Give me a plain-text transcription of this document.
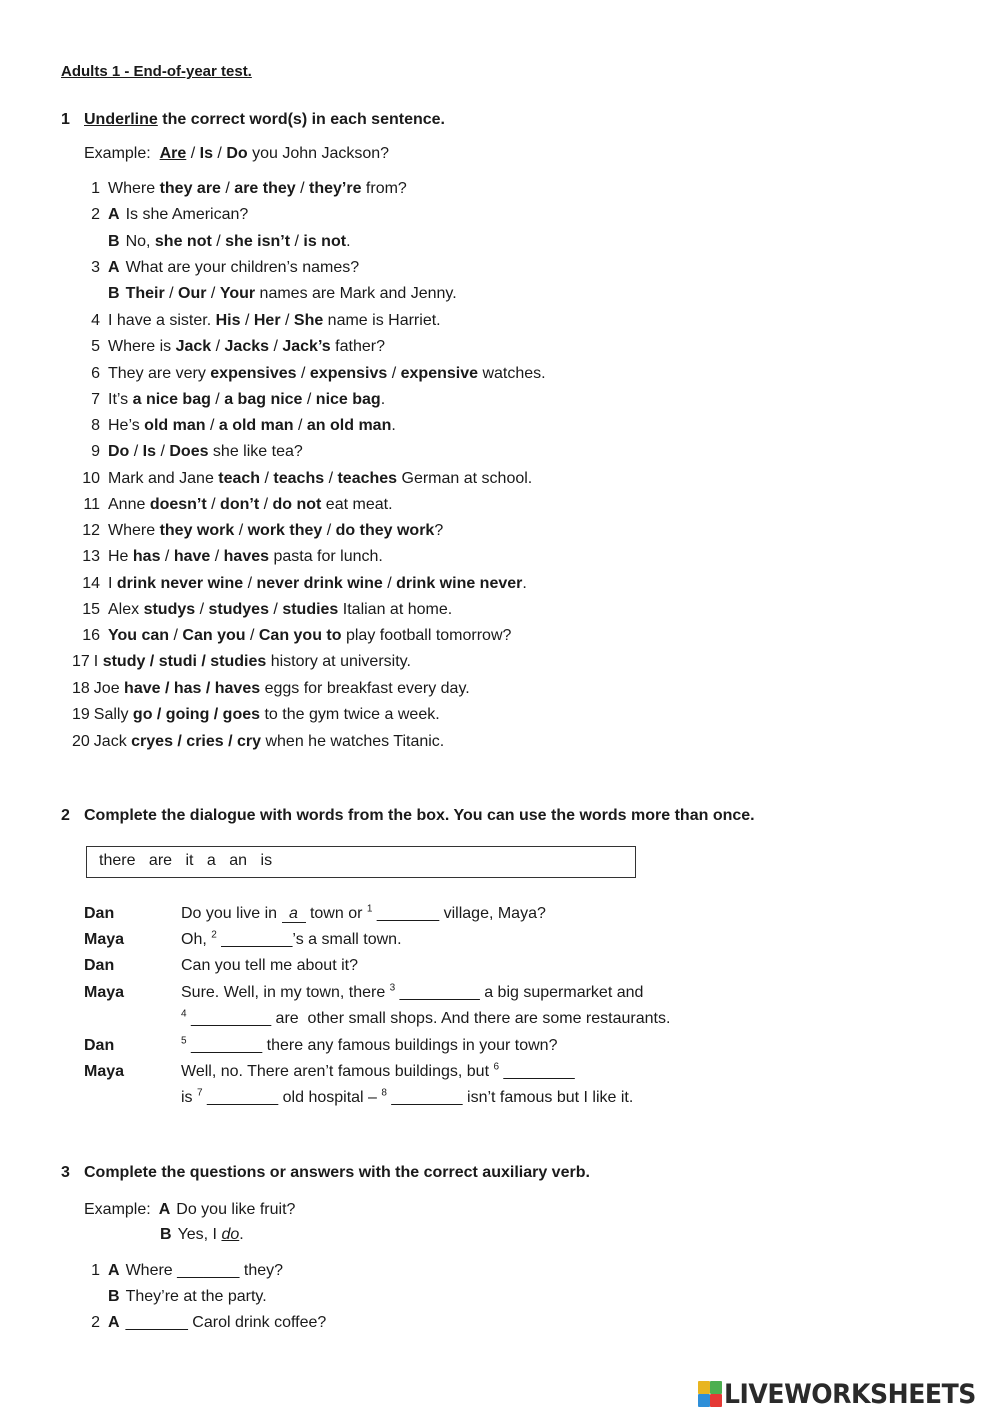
Adults 1 - End-of-year test.
1 Underline the correct word(s) in each sentence.
Example:  Are / Is / Do you John Jackson?
1 Where they are / are they / they’re from?
2 A Is she American?
B No, she not / she isn’t / is not.
3 A What are your children’s names?
B Their / Our / Your names are Mark and Jenny.
4 I have a sister. His / Her / She name is Harriet.
5 Where is Jack / Jacks / Jack’s father?
6 They are very expensives / expensivs / expensive watches.
7 It’s a nice bag / a bag nice / nice bag.
8 He’s old man / a old man / an old man.
9 Do / Is / Does she like tea?
10 Mark and Jane teach / teachs / teaches German at school.
11 Anne doesn’t / don’t / do not eat meat.
12 Where they work / work they / do they work?
13 He has / have / haves pasta for lunch.
14 I drink never wine / never drink wine / drink wine never.
15 Alex studys / studyes / studies Italian at home.
16 You can / Can you / Can you to play football tomorrow?
17 I study / studi / studies history at university.
18 Joe have / has / haves eggs for breakfast every day.
19 Sally go / going / goes to the gym twice a week.
20 Jack cryes / cries / cry when he watches Titanic.
2 Complete the dialogue with words from the box. You can use the words more than once.
there are it a an is
Dan	Do you live in a town or $^1$ _______ village, Maya?
Maya	Oh, $^2$ ________’s a small town.
Dan	Can you tell me about it?
Maya	Sure. Well, in my town, there $^3$ _________ a big supermarket and
$^4$ _________ are  other small shops. And there are some restaurants.
Dan	$^5$ ________ there any famous buildings in your town?
Maya	Well, no. There aren’t famous buildings, but $^6$ ________
is $^7$ ________ old hospital – $^8$ ________ isn’t famous but I like it.
3 Complete the questions or answers with the correct auxiliary verb.
Example: A Do you like fruit?
B Yes, I do.
1 A Where _______ they?
B They’re at the party.
2 A _______ Carol drink coffee?
LIVEWORKSHEETS
